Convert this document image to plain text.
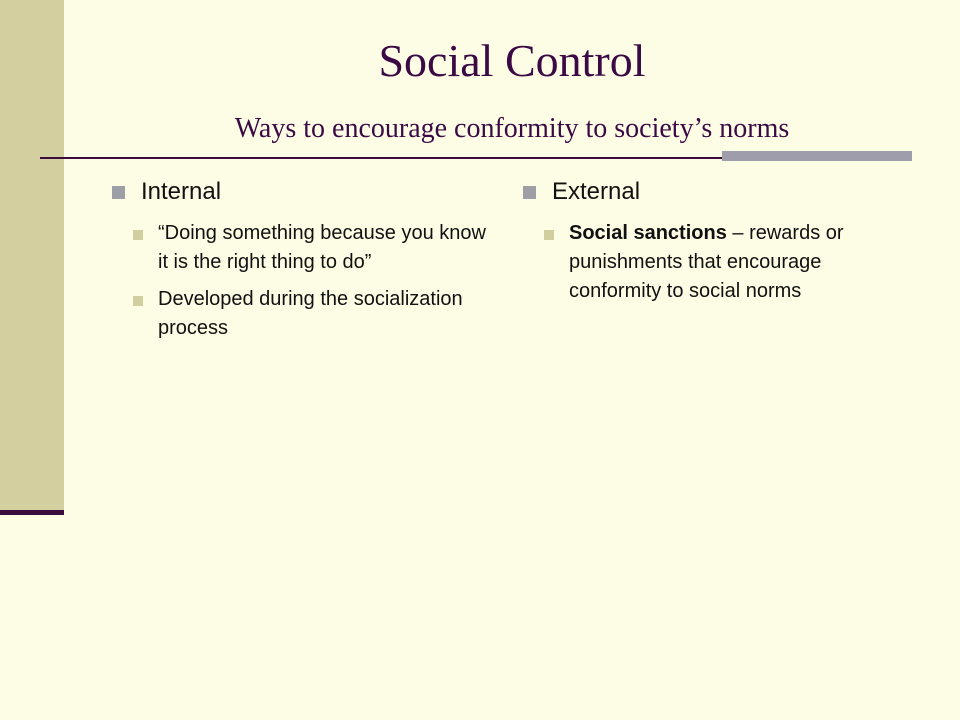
Social Control
Ways to encourage conformity to society’s norms
Internal
“Doing something because you know it is the right thing to do”
Developed during the socialization process
External
Social sanctions – rewards or punishments that encourage conformity to social norms
